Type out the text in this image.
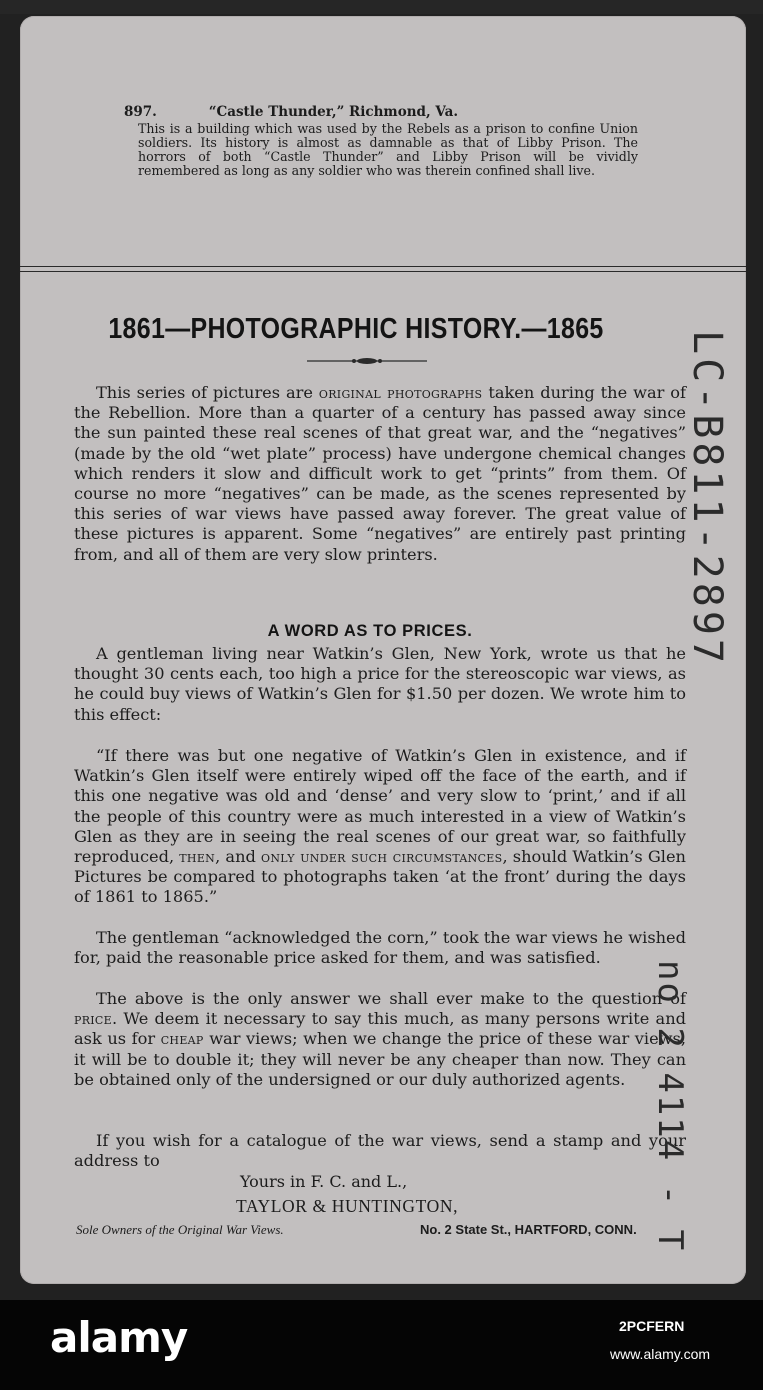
897.	“Castle Thunder,” Richmond, Va.

This is a building which was used by the Rebels as a prison to confine Union soldiers. Its history is almost as damnable as that of Libby Prison. The horrors of both “Castle Thunder” and Libby Prison will be vividly remembered as long as any soldier who was therein confined shall live.

1861—PHOTOGRAPHIC HISTORY.—1865

This series of pictures are original photographs taken during the war of the Rebellion. More than a quarter of a century has passed away since the sun painted these real scenes of that great war, and the “negatives” (made by the old “wet plate” process) have undergone chemical changes which renders it slow and difficult work to get “prints” from them. Of course no more “negatives” can be made, as the scenes represented by this series of war views have passed away forever. The great value of these pictures is apparent. Some “negatives” are entirely past printing from, and all of them are very slow printers.

A WORD AS TO PRICES.

A gentleman living near Watkin’s Glen, New York, wrote us that he thought 30 cents each, too high a price for the stereoscopic war views, as he could buy views of Watkin’s Glen for $1.50 per dozen. We wrote him to this effect:

“If there was but one negative of Watkin’s Glen in existence, and if Watkin’s Glen itself were entirely wiped off the face of the earth, and if this one negative was old and ‘dense’ and very slow to ‘print,’ and if all the people of this country were as much interested in a view of Watkin’s Glen as they are in seeing the real scenes of our great war, so faithfully reproduced, then, and only under such circumstances, should Watkin’s Glen Pictures be compared to photographs taken ‘at the front’ during the days of 1861 to 1865.”

The gentleman “acknowledged the corn,” took the war views he wished for, paid the reasonable price asked for them, and was satisfied.

The above is the only answer we shall ever make to the question of price. We deem it necessary to say this much, as many persons write and ask us for cheap war views; when we change the price of these war views, it will be to double it; they will never be any cheaper than now. They can be obtained only of the undersigned or our duly authorized agents.

If you wish for a catalogue of the war views, send a stamp and your address to

Yours in F. C. and L.,
TAYLOR & HUNTINGTON,
Sole Owners of the Original War Views.	No. 2 State St., HARTFORD, CONN.
LC-B811-2897
no 2 4114 - T
alamy	2PCFERN
www.alamy.com
